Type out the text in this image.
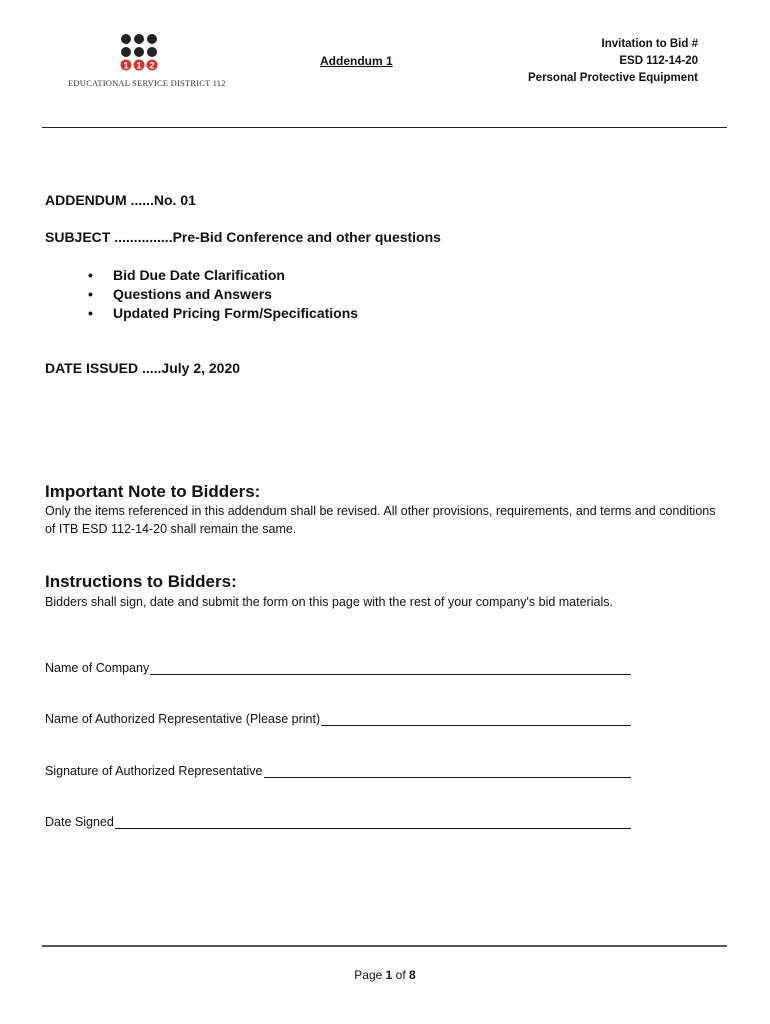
1 1 2
EDUCATIONAL SERVICE DISTRICT 112
Addendum 1
Invitation to Bid #
ESD 112-14-20
Personal Protective Equipment
ADDENDUM ......No. 01
SUBJECT ...............Pre-Bid Conference and other questions
• Bid Due Date Clarification
• Questions and Answers
• Updated Pricing Form/Specifications
DATE ISSUED .....July 2, 2020
Important Note to Bidders:
Only the items referenced in this addendum shall be revised. All other provisions, requirements, and terms and conditions of ITB ESD 112-14-20 shall remain the same.
Instructions to Bidders:
Bidders shall sign, date and submit the form on this page with the rest of your company's bid materials.
Name of Company
Name of Authorized Representative (Please print)
Signature of Authorized Representative
Date Signed
Page 1 of 8
